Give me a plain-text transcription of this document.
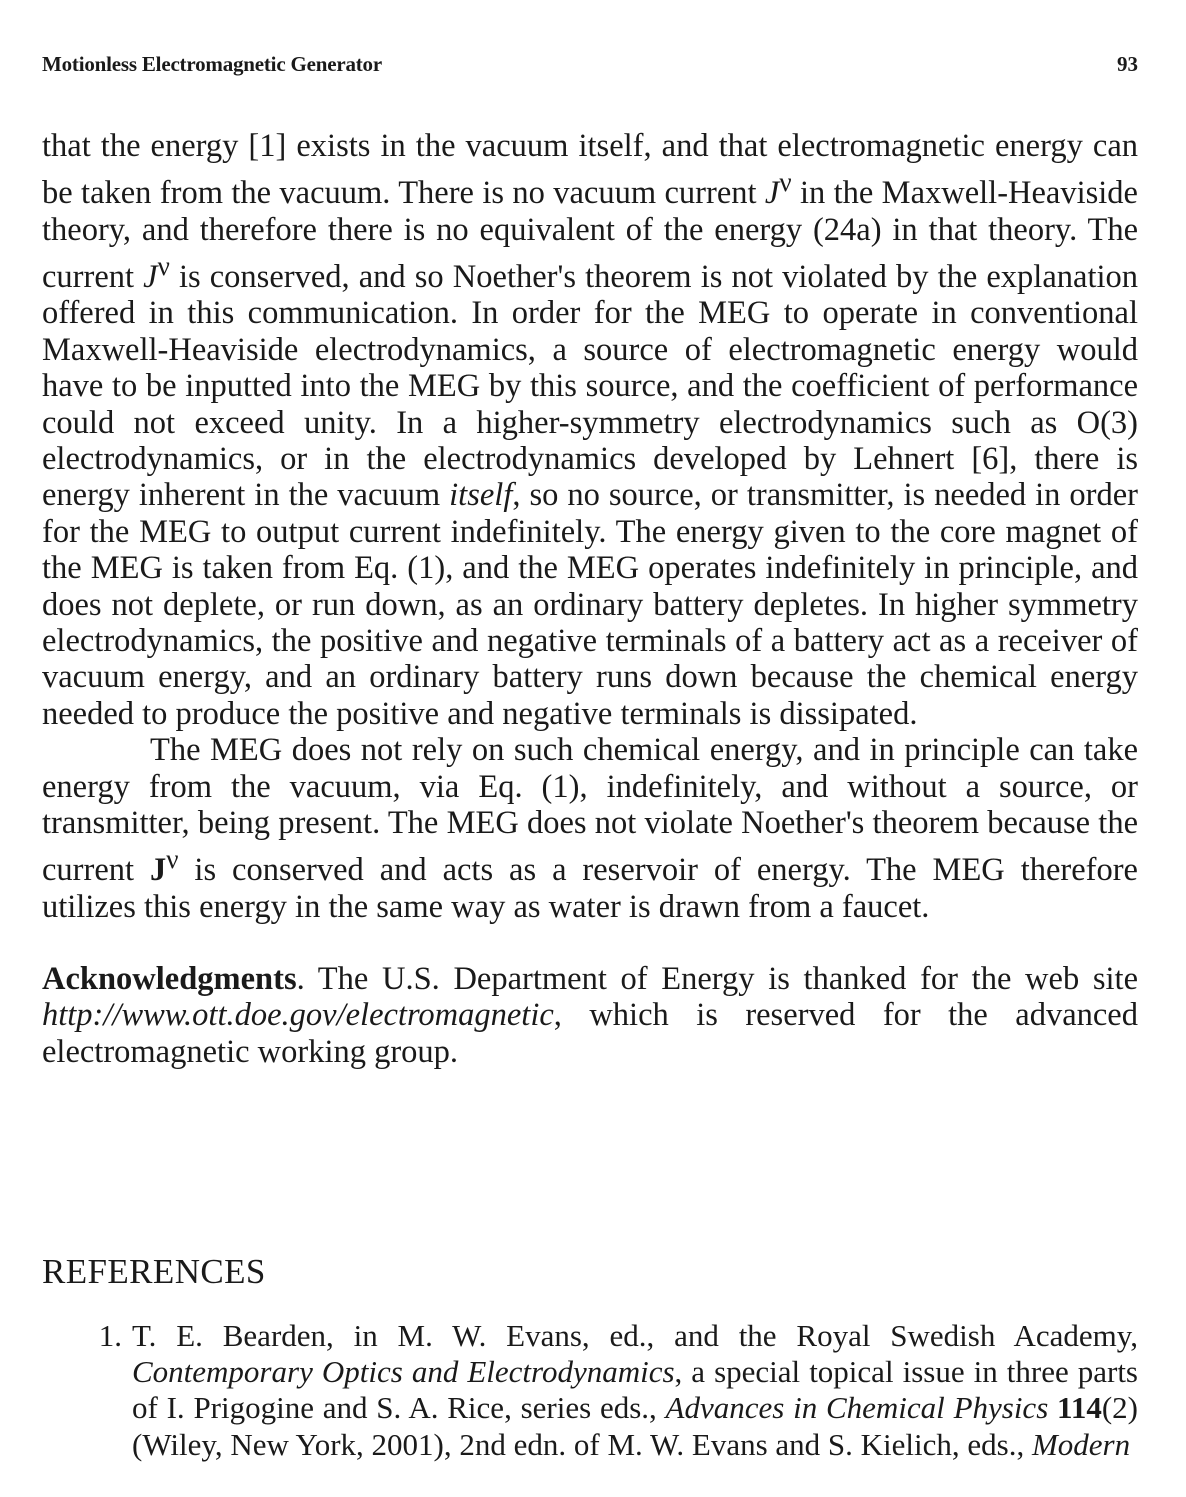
Motionless Electromagnetic Generator	93

that the energy [1] exists in the vacuum itself, and that electromagnetic energy can be taken from the vacuum. There is no vacuum current $J^\nu$ in the Maxwell-Heaviside theory, and therefore there is no equivalent of the energy (24a) in that theory. The current $J^\nu$ is conserved, and so Noether's theorem is not violated by the explanation offered in this communication. In order for the MEG to operate in conventional Maxwell-Heaviside electrodynamics, a source of electromagnetic energy would have to be inputted into the MEG by this source, and the coefficient of performance could not exceed unity. In a higher-symmetry electrodynamics such as O(3) electrodynamics, or in the electrodynamics developed by Lehnert [6], there is energy inherent in the vacuum itself, so no source, or transmitter, is needed in order for the MEG to output current indefinitely. The energy given to the core magnet of the MEG is taken from Eq. (1), and the MEG operates indefinitely in principle, and does not deplete, or run down, as an ordinary battery depletes. In higher symmetry electrodynamics, the positive and negative terminals of a battery act as a receiver of vacuum energy, and an ordinary battery runs down because the chemical energy needed to produce the positive and negative terminals is dissipated.

The MEG does not rely on such chemical energy, and in principle can take energy from the vacuum, via Eq. (1), indefinitely, and without a source, or transmitter, being present. The MEG does not violate Noether's theorem because the current $J^\nu$ is conserved and acts as a reservoir of energy. The MEG therefore utilizes this energy in the same way as water is drawn from a faucet.

Acknowledgments. The U.S. Department of Energy is thanked for the web site http://www.ott.doe.gov/electromagnetic, which is reserved for the advanced electromagnetic working group.

REFERENCES
1. T. E. Bearden, in M. W. Evans, ed., and the Royal Swedish Academy, Contemporary Optics and Electrodynamics, a special topical issue in three parts of I. Prigogine and S. A. Rice, series eds., Advances in Chemical Physics 114(2) (Wiley, New York, 2001), 2nd edn. of M. W. Evans and S. Kielich, eds., Modern
